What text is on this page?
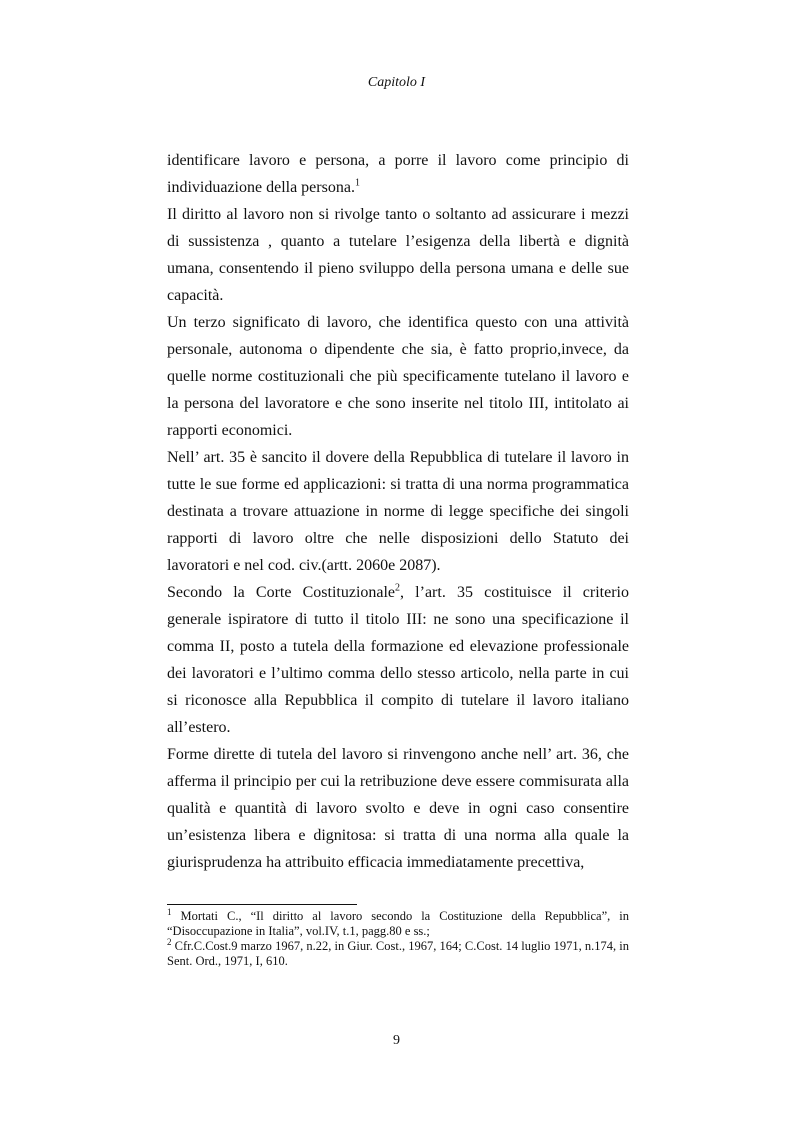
Capitolo I

identificare lavoro e persona, a porre il lavoro come principio di individuazione della persona.$^1$

Il diritto al lavoro non si rivolge tanto o soltanto ad assicurare i mezzi di sussistenza , quanto a tutelare l’esigenza della libertà e dignità umana, consentendo il pieno sviluppo della persona umana e delle sue capacità.

Un terzo significato di lavoro, che identifica questo con una attività personale, autonoma o dipendente che sia, è fatto proprio,invece, da quelle norme costituzionali che più specificamente tutelano il lavoro e la persona del lavoratore e che sono inserite nel titolo III, intitolato ai rapporti economici.

Nell’ art. 35 è sancito il dovere della Repubblica di tutelare il lavoro in tutte le sue forme ed applicazioni: si tratta di una norma programmatica destinata a trovare attuazione in norme di legge specifiche dei singoli rapporti di lavoro oltre che nelle disposizioni dello Statuto dei lavoratori e nel cod. civ.(artt. 2060e 2087).

Secondo la Corte Costituzionale$^2$, l’art. 35 costituisce il criterio generale ispiratore di tutto il titolo III: ne sono una specificazione il comma II, posto a tutela della formazione ed elevazione professionale dei lavoratori e l’ultimo comma dello stesso articolo, nella parte in cui si riconosce alla Repubblica il compito di tutelare il lavoro italiano all’estero.

Forme dirette di tutela del lavoro si rinvengono anche nell’ art. 36, che afferma il principio per cui la retribuzione deve essere commisurata alla qualità e quantità di lavoro svolto e deve in ogni caso consentire un’esistenza libera e dignitosa: si tratta di una norma alla quale la giurisprudenza ha attribuito efficacia immediatamente precettiva,

$^1$ Mortati C., “Il diritto al lavoro secondo la Costituzione della Repubblica”, in “Disoccupazione in Italia”, vol.IV, t.1, pagg.80 e ss.;

$^2$ Cfr.C.Cost.9 marzo 1967, n.22, in Giur. Cost., 1967, 164; C.Cost. 14 luglio 1971, n.174, in Sent. Ord., 1971, I, 610.

9
